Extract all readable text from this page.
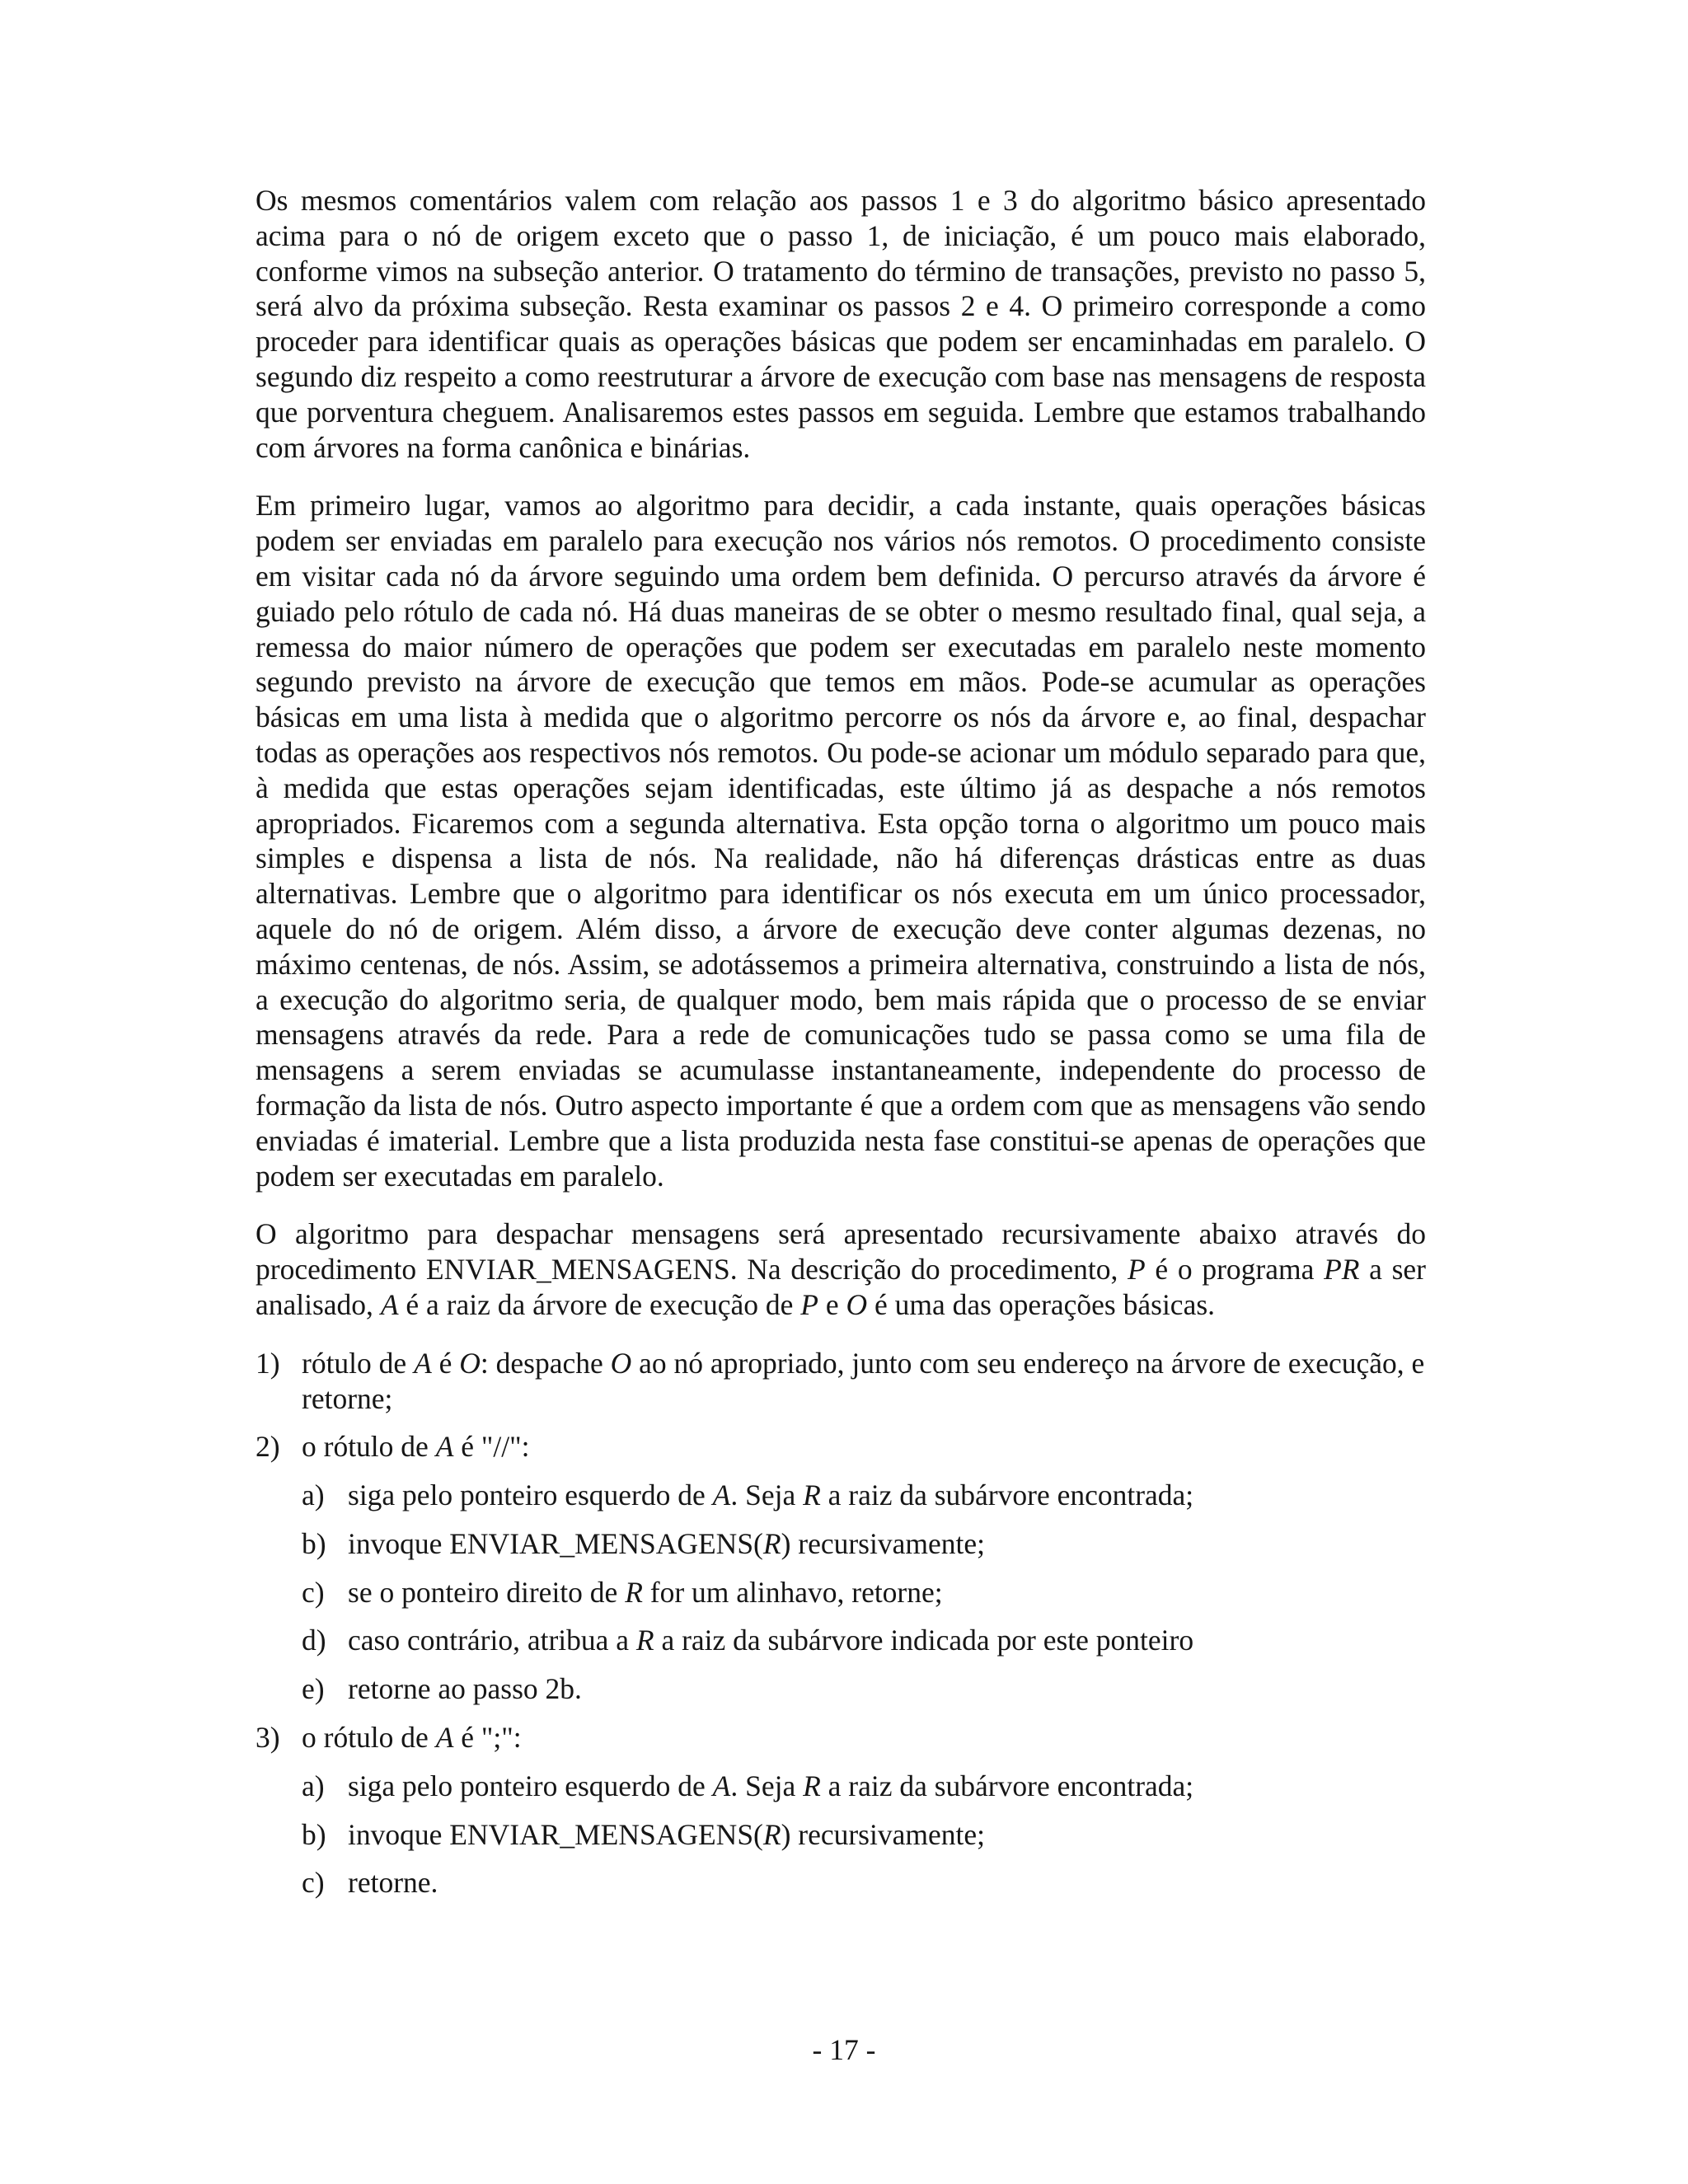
Os mesmos comentários valem com relação aos passos 1 e 3 do algoritmo básico apresentado acima para o nó de origem exceto que o passo 1, de iniciação, é um pouco mais elaborado, conforme vimos na subseção anterior. O tratamento do término de transações, previsto no passo 5, será alvo da próxima subseção. Resta examinar os passos 2 e 4. O primeiro corresponde a como proceder para identificar quais as operações básicas que podem ser encaminhadas em paralelo. O segundo diz respeito a como reestruturar a árvore de execução com base nas mensagens de resposta que porventura cheguem. Analisaremos estes passos em seguida. Lembre que estamos trabalhando com árvores na forma canônica e binárias.

Em primeiro lugar, vamos ao algoritmo para decidir, a cada instante, quais operações básicas podem ser enviadas em paralelo para execução nos vários nós remotos. O procedimento consiste em visitar cada nó da árvore seguindo uma ordem bem definida. O percurso através da árvore é guiado pelo rótulo de cada nó. Há duas maneiras de se obter o mesmo resultado final, qual seja, a remessa do maior número de operações que podem ser executadas em paralelo neste momento segundo previsto na árvore de execução que temos em mãos. Pode-se acumular as operações básicas em uma lista à medida que o algoritmo percorre os nós da árvore e, ao final, despachar todas as operações aos respectivos nós remotos. Ou pode-se acionar um módulo separado para que, à medida que estas operações sejam identificadas, este último já as despache a nós remotos apropriados. Ficaremos com a segunda alternativa. Esta opção torna o algoritmo um pouco mais simples e dispensa a lista de nós. Na realidade, não há diferenças drásticas entre as duas alternativas. Lembre que o algoritmo para identificar os nós executa em um único processador, aquele do nó de origem. Além disso, a árvore de execução deve conter algumas dezenas, no máximo centenas, de nós. Assim, se adotássemos a primeira alternativa, construindo a lista de nós, a execução do algoritmo seria, de qualquer modo, bem mais rápida que o processo de se enviar mensagens através da rede. Para a rede de comunicações tudo se passa como se uma fila de mensagens a serem enviadas se acumulasse instantaneamente, independente do processo de formação da lista de nós. Outro aspecto importante é que a ordem com que as mensagens vão sendo enviadas é imaterial. Lembre que a lista produzida nesta fase constitui-se apenas de operações que podem ser executadas em paralelo.

O algoritmo para despachar mensagens será apresentado recursivamente abaixo através do procedimento ENVIAR_MENSAGENS. Na descrição do procedimento, P é o programa PR a ser analisado, A é a raiz da árvore de execução de P e O é uma das operações básicas.

1) rótulo de A é O: despache O ao nó apropriado, junto com seu endereço na árvore de execução, e retorne;
2) o rótulo de A é "//":
a) siga pelo ponteiro esquerdo de A. Seja R a raiz da subárvore encontrada;
b) invoque ENVIAR_MENSAGENS(R) recursivamente;
c) se o ponteiro direito de R for um alinhavo, retorne;
d) caso contrário, atribua a R a raiz da subárvore indicada por este ponteiro
e) retorne ao passo 2b.
3) o rótulo de A é ";":
a) siga pelo ponteiro esquerdo de A. Seja R a raiz da subárvore encontrada;
b) invoque ENVIAR_MENSAGENS(R) recursivamente;
c) retorne.
- 17 -
